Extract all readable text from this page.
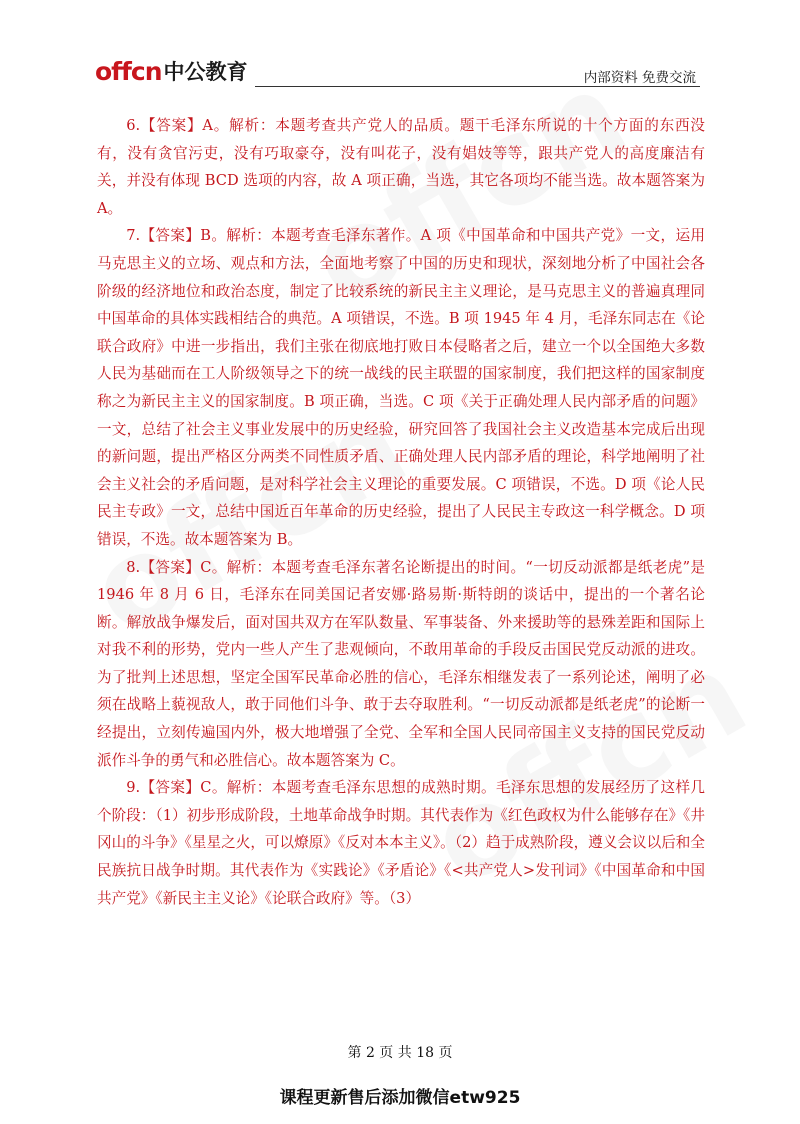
offcn 中公教育	内部资料 免费交流

6.【答案】A。解析：本题考查共产党人的品质。题干毛泽东所说的十个方面的东西没有，没有贪官污吏，没有巧取豪夺，没有叫花子，没有娼妓等等，跟共产党人的高度廉洁有关，并没有体现 BCD 选项的内容，故 A 项正确，当选，其它各项均不能当选。故本题答案为 A。

7.【答案】B。解析：本题考查毛泽东著作。A 项《中国革命和中国共产党》一文，运用马克思主义的立场、观点和方法，全面地考察了中国的历史和现状，深刻地分析了中国社会各阶级的经济地位和政治态度，制定了比较系统的新民主主义理论，是马克思主义的普遍真理同中国革命的具体实践相结合的典范。A 项错误，不选。B 项 1945 年 4 月，毛泽东同志在《论联合政府》中进一步指出，我们主张在彻底地打败日本侵略者之后，建立一个以全国绝大多数人民为基础而在工人阶级领导之下的统一战线的民主联盟的国家制度，我们把这样的国家制度称之为新民主主义的国家制度。B 项正确，当选。C 项《关于正确处理人民内部矛盾的问题》一文，总结了社会主义事业发展中的历史经验，研究回答了我国社会主义改造基本完成后出现的新问题，提出严格区分两类不同性质矛盾、正确处理人民内部矛盾的理论，科学地阐明了社会主义社会的矛盾问题，是对科学社会主义理论的重要发展。C 项错误，不选。D 项《论人民民主专政》一文，总结中国近百年革命的历史经验，提出了人民民主专政这一科学概念。D 项错误，不选。故本题答案为 B。

8.【答案】C。解析：本题考查毛泽东著名论断提出的时间。“一切反动派都是纸老虎”是 1946 年 8 月 6 日，毛泽东在同美国记者安娜·路易斯·斯特朗的谈话中，提出的一个著名论断。解放战争爆发后，面对国共双方在军队数量、军事装备、外来援助等的悬殊差距和国际上对我不利的形势，党内一些人产生了悲观倾向，不敢用革命的手段反击国民党反动派的进攻。为了批判上述思想，坚定全国军民革命必胜的信心，毛泽东相继发表了一系列论述，阐明了必须在战略上藐视敌人，敢于同他们斗争、敢于去夺取胜利。“一切反动派都是纸老虎”的论断一经提出，立刻传遍国内外，极大地增强了全党、全军和全国人民同帝国主义支持的国民党反动派作斗争的勇气和必胜信心。故本题答案为 C。

9.【答案】C。解析：本题考查毛泽东思想的成熟时期。毛泽东思想的发展经历了这样几个阶段：（1）初步形成阶段，土地革命战争时期。其代表作为《红色政权为什么能够存在》《井冈山的斗争》《星星之火，可以燎原》《反对本本主义》。（2）趋于成熟阶段，遵义会议以后和全民族抗日战争时期。其代表作为《实践论》《矛盾论》《<共产党人>发刊词》《中国革命和中国共产党》《新民主主义论》《论联合政府》等。（3）

第 2 页 共 18 页
课程更新售后添加微信etw925
